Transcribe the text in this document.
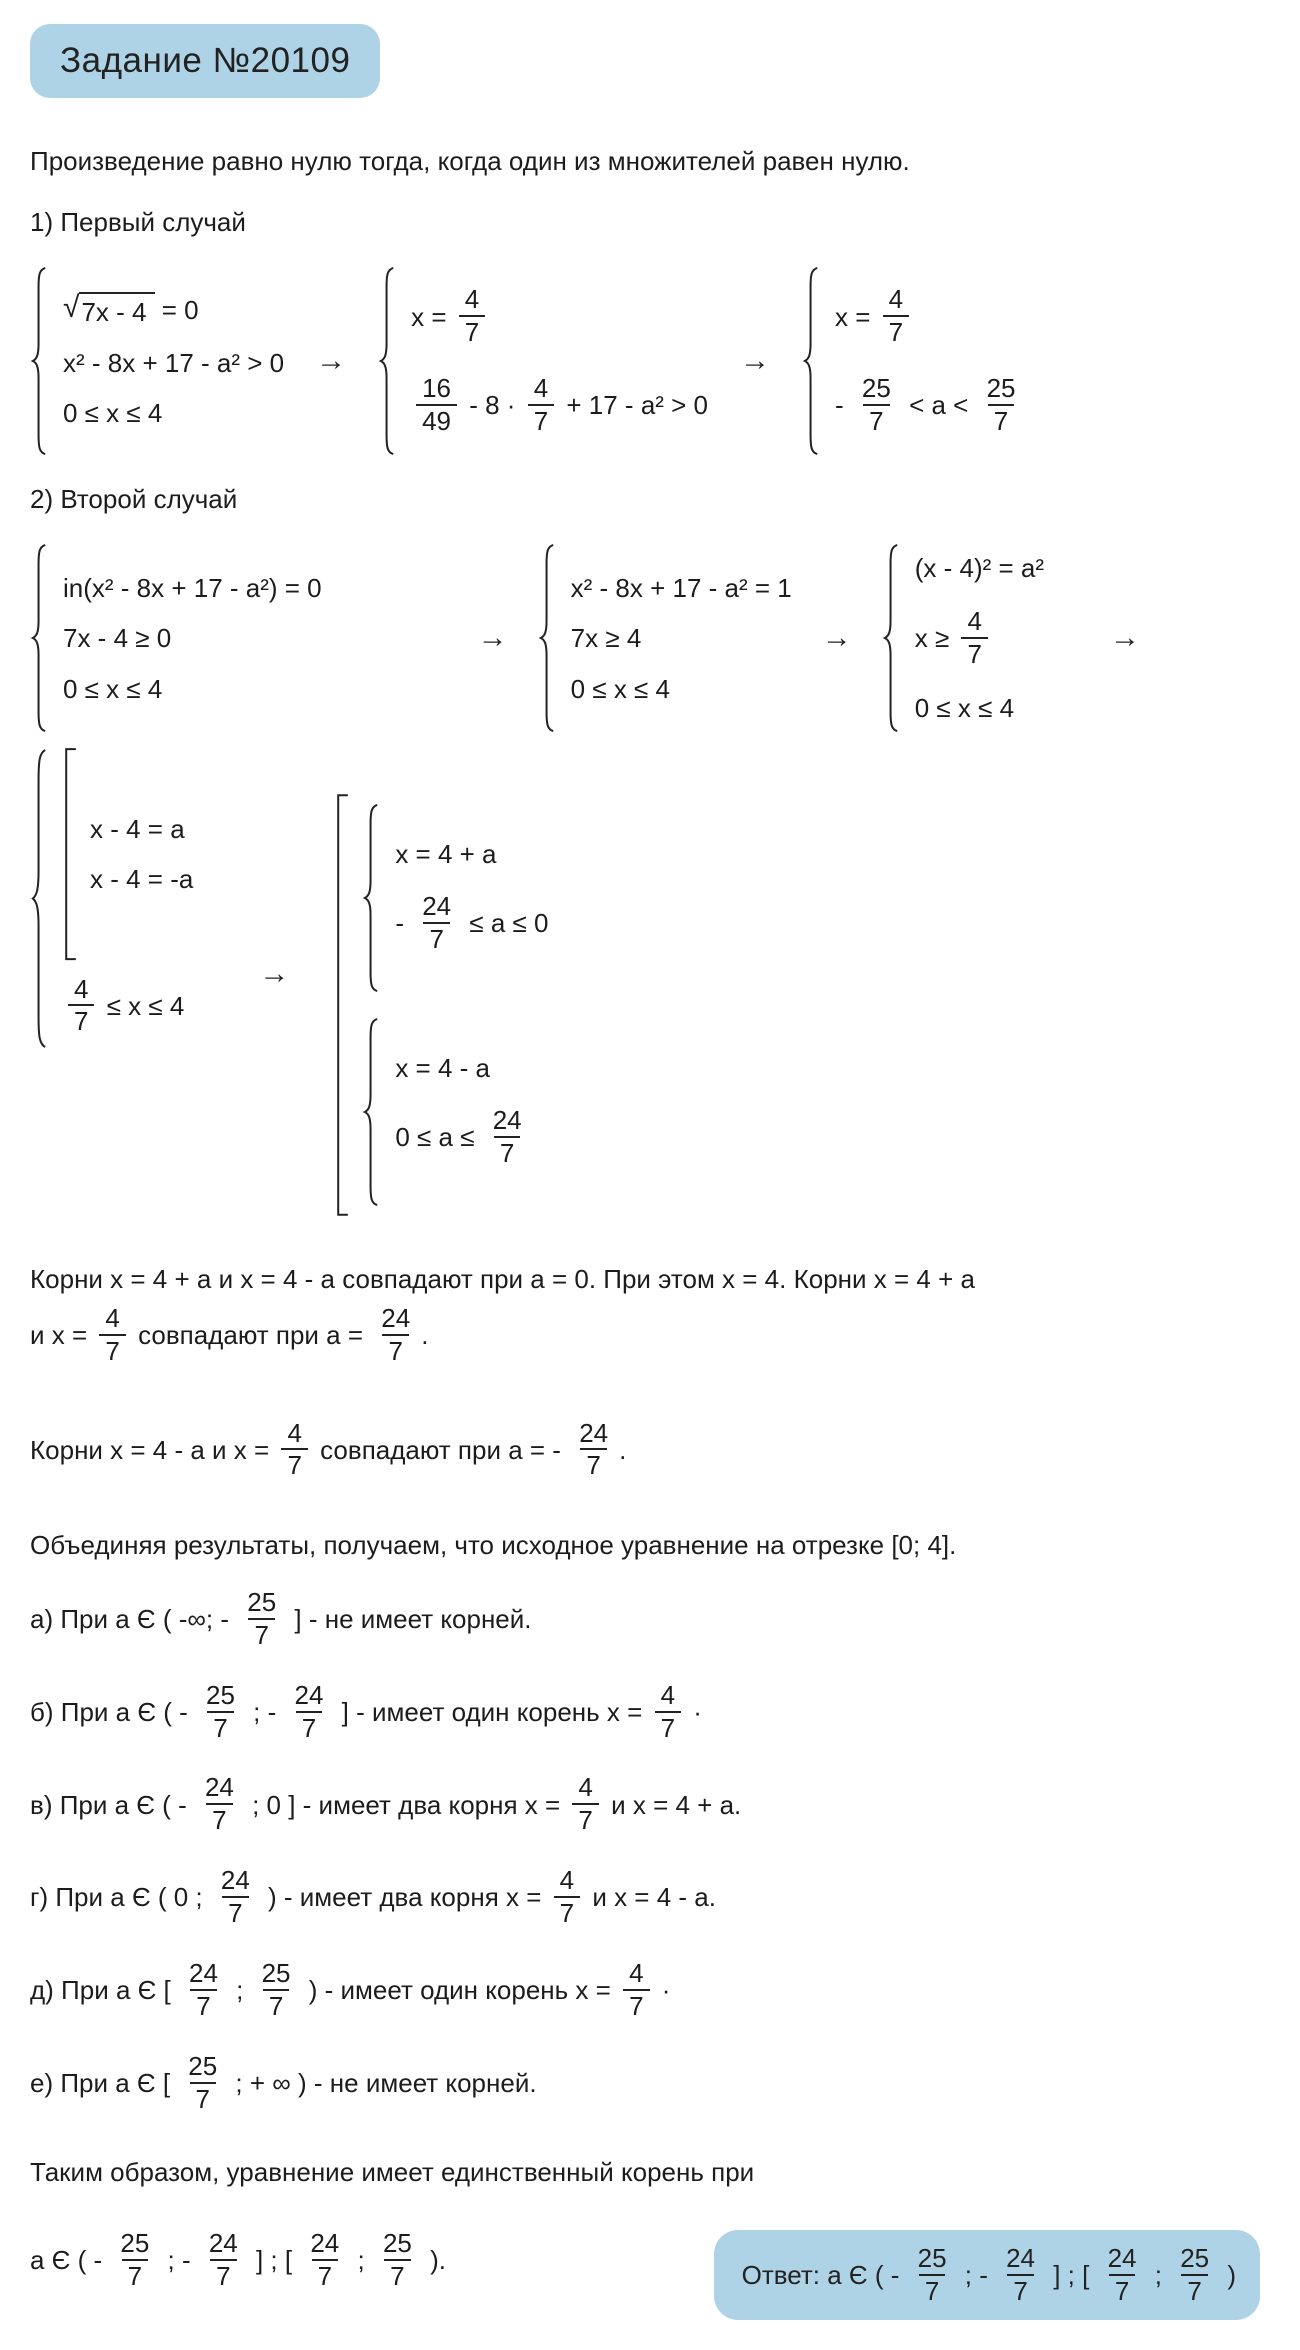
Задание №20109

Произведение равно нулю тогда, когда один из множителей равен нулю.

1) Первый случай

√ 7x - 4 = 0
x² - 8x + 17 - a² > 0
0 ≤ x ≤ 4
→
$x = \frac{4}{7}$
$\frac{16}{49} - 8 \cdot \frac{4}{7} + 17 - a^2 > 0$
→
$x = \frac{4}{7}$
- $\frac{25}{7} < a < \frac{25}{7}$

2) Второй случай

in(x² - 8x + 17 - a²) = 0
7x - 4 ≥ 0
0 ≤ x ≤ 4
→
x² - 8x + 17 - a² = 1
7x ≥ 4
0 ≤ x ≤ 4
→
(x - 4)² = a²
$x \ge \frac{4}{7}$
0 ≤ x ≤ 4
→
x - 4 = a
x - 4 = -a
$\frac{4}{7} \le x \le 4$
→
x = 4 + a
- $\frac{24}{7} \le a \le 0$
x = 4 - a
$0 \le a \le \frac{24}{7}$
Корни x = 4 + a и x = 4 - a совпадают при a = 0. При этом x = 4. Корни x = 4 + a
и $x = \frac{4}{7}$ совпадают при $a = \frac{24}{7}$ .
Корни x = 4 - a и $x = \frac{4}{7}$ совпадают при a = - $\frac{24}{7}$ .
Объединяя результаты, получаем, что исходное уравнение на отрезке [0; 4].
а) При a Є ( -∞; - $\frac{25}{7}$ ] - не имеет корней.
б) При a Є ( - $\frac{25}{7}$ ; - $\frac{24}{7}$ ] - имеет один корень $x = \frac{4}{7}$ ·
в) При a Є ( - $\frac{24}{7}$ ; 0 ] - имеет два корня $x = \frac{4}{7}$ и x = 4 + a.
г) При a Є ( 0 ; $\frac{24}{7}$ ) - имеет два корня $x = \frac{4}{7}$ и x = 4 - a.
д) При a Є [ $\frac{24}{7}$ ; $\frac{25}{7}$ ) - имеет один корень $x = \frac{4}{7}$ ·
е) При a Є [ $\frac{25}{7}$ ; + ∞ ) - не имеет корней.

Таким образом, уравнение имеет единственный корень при

a Є ( - $\frac{25}{7}$ ; - $\frac{24}{7}$ ] ; [ $\frac{24}{7}$ ; $\frac{25}{7}$ ).	Ответ: a Є ( - $\frac{25}{7}$ ; - $\frac{24}{7}$ ] ; [ $\frac{24}{7}$ ; $\frac{25}{7}$ )
